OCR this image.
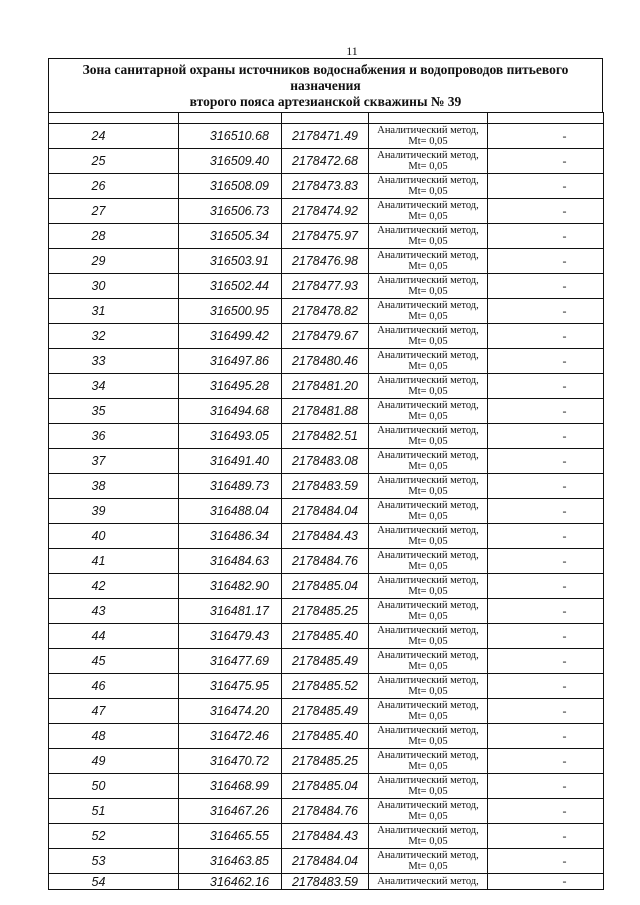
11
Зона санитарной охраны источников водоснабжения и водопроводов питьевого назначения
второго пояса артезианской скважины № 39

24	316510.68	2178471.49	Аналитический метод,
Mt= 0,05	-
25	316509.40	2178472.68	Аналитический метод,
Mt= 0,05	-
26	316508.09	2178473.83	Аналитический метод,
Mt= 0,05	-
27	316506.73	2178474.92	Аналитический метод,
Mt= 0,05	-
28	316505.34	2178475.97	Аналитический метод,
Mt= 0,05	-
29	316503.91	2178476.98	Аналитический метод,
Mt= 0,05	-
30	316502.44	2178477.93	Аналитический метод,
Mt= 0,05	-
31	316500.95	2178478.82	Аналитический метод,
Mt= 0,05	-
32	316499.42	2178479.67	Аналитический метод,
Mt= 0,05	-
33	316497.86	2178480.46	Аналитический метод,
Mt= 0,05	-
34	316495.28	2178481.20	Аналитический метод,
Mt= 0,05	-
35	316494.68	2178481.88	Аналитический метод,
Mt= 0,05	-
36	316493.05	2178482.51	Аналитический метод,
Mt= 0,05	-
37	316491.40	2178483.08	Аналитический метод,
Mt= 0,05	-
38	316489.73	2178483.59	Аналитический метод,
Mt= 0,05	-
39	316488.04	2178484.04	Аналитический метод,
Mt= 0,05	-
40	316486.34	2178484.43	Аналитический метод,
Mt= 0,05	-
41	316484.63	2178484.76	Аналитический метод,
Mt= 0,05	-
42	316482.90	2178485.04	Аналитический метод,
Mt= 0,05	-
43	316481.17	2178485.25	Аналитический метод,
Mt= 0,05	-
44	316479.43	2178485.40	Аналитический метод,
Mt= 0,05	-
45	316477.69	2178485.49	Аналитический метод,
Mt= 0,05	-
46	316475.95	2178485.52	Аналитический метод,
Mt= 0,05	-
47	316474.20	2178485.49	Аналитический метод,
Mt= 0,05	-
48	316472.46	2178485.40	Аналитический метод,
Mt= 0,05	-
49	316470.72	2178485.25	Аналитический метод,
Mt= 0,05	-
50	316468.99	2178485.04	Аналитический метод,
Mt= 0,05	-
51	316467.26	2178484.76	Аналитический метод,
Mt= 0,05	-
52	316465.55	2178484.43	Аналитический метод,
Mt= 0,05	-
53	316463.85	2178484.04	Аналитический метод,
Mt= 0,05	-
54	316462.16	2178483.59	Аналитический метод,	-
